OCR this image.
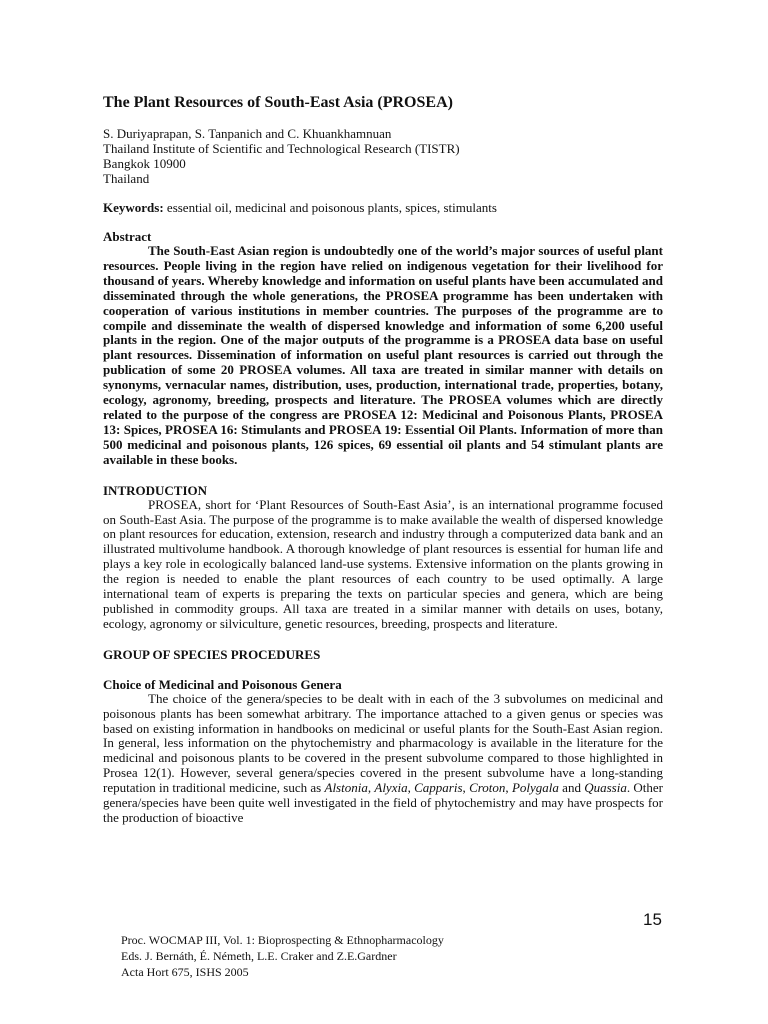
The Plant Resources of South-East Asia (PROSEA)

S. Duriyaprapan, S. Tanpanich and C. Khuankhamnuan

Thailand Institute of Scientific and Technological Research (TISTR)

Bangkok 10900

Thailand

Keywords: essential oil, medicinal and poisonous plants, spices, stimulants

Abstract

The South-East Asian region is undoubtedly one of the world’s major sources of useful plant resources. People living in the region have relied on indigenous vegetation for their livelihood for thousand of years. Whereby knowledge and information on useful plants have been accumulated and disseminated through the whole generations, the PROSEA programme has been undertaken with cooperation of various institutions in member countries. The purposes of the programme are to compile and disseminate the wealth of dispersed knowledge and information of some 6,200 useful plants in the region. One of the major outputs of the programme is a PROSEA data base on useful plant resources. Dissemination of information on useful plant resources is carried out through the publication of some 20 PROSEA volumes. All taxa are treated in similar manner with details on synonyms, vernacular names, distribution, uses, production, international trade, properties, botany, ecology, agronomy, breeding, prospects and literature. The PROSEA volumes which are directly related to the purpose of the congress are PROSEA 12: Medicinal and Poisonous Plants, PROSEA 13: Spices, PROSEA 16: Stimulants and PROSEA 19: Essential Oil Plants. Information of more than 500 medicinal and poisonous plants, 126 spices, 69 essential oil plants and 54 stimulant plants are available in these books.

INTRODUCTION

PROSEA, short for ‘Plant Resources of South-East Asia’, is an international programme focused on South-East Asia. The purpose of the programme is to make available the wealth of dispersed knowledge on plant resources for education, extension, research and industry through a computerized data bank and an illustrated multivolume handbook. A thorough knowledge of plant resources is essential for human life and plays a key role in ecologically balanced land-use systems. Extensive information on the plants growing in the region is needed to enable the plant resources of each country to be used optimally. A large international team of experts is preparing the texts on particular species and genera, which are being published in commodity groups. All taxa are treated in a similar manner with details on uses, botany, ecology, agronomy or silviculture, genetic resources, breeding, prospects and literature.

GROUP OF SPECIES PROCEDURES

Choice of Medicinal and Poisonous Genera

The choice of the genera/species to be dealt with in each of the 3 subvolumes on medicinal and poisonous plants has been somewhat arbitrary. The importance attached to a given genus or species was based on existing information in handbooks on medicinal or useful plants for the South-East Asian region. In general, less information on the phytochemistry and pharmacology is available in the literature for the medicinal and poisonous plants to be covered in the present subvolume compared to those highlighted in Prosea 12(1). However, several genera/species covered in the present subvolume have a long-standing reputation in traditional medicine, such as Alstonia, Alyxia, Capparis, Croton, Polygala and Quassia. Other genera/species have been quite well investigated in the field of phytochemistry and may have prospects for the production of bioactive

15
Proc. WOCMAP III, Vol. 1: Bioprospecting & Ethnopharmacology
Eds. J. Bernáth, É. Németh, L.E. Craker and Z.E.Gardner
Acta Hort 675, ISHS 2005
